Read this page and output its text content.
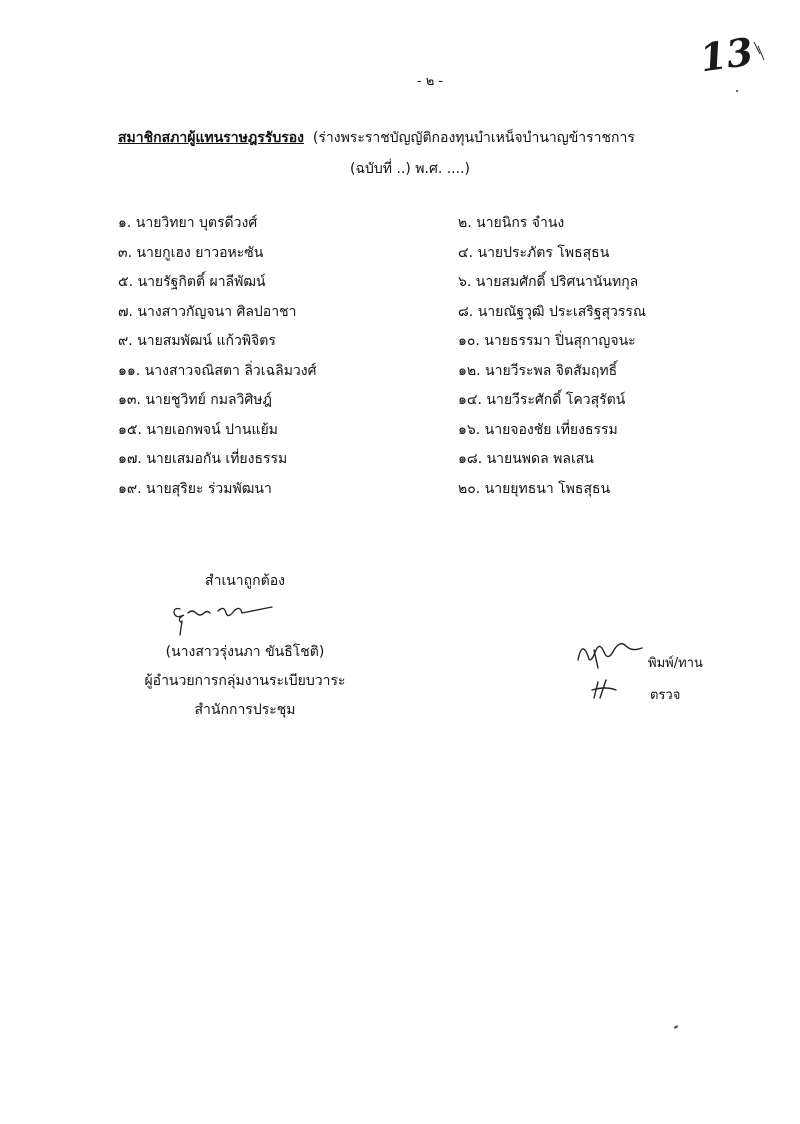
13
- ๒ -
สมาชิกสภาผู้แทนราษฎรรับรอง (ร่างพระราชบัญญัติกองทุนบำเหน็จบำนาญข้าราชการ
(ฉบับที่ ..) พ.ศ. ....)
๑. นายวิทยา บุตรดีวงศ์	๒. นายนิกร จำนง
๓. นายกูเฮง ยาวอหะซัน	๔. นายประภัตร โพธสุธน
๕. นายรัฐกิตติ์ ผาลีพัฒน์	๖. นายสมศักดิ์ ปริศนานันทกุล
๗. นางสาวกัญจนา ศิลปอาชา	๘. นายณัฐวุฒิ ประเสริฐสุวรรณ
๙. นายสมพัฒน์ แก้วพิจิตร	๑๐. นายธรรมา ปิ่นสุกาญจนะ
๑๑. นางสาวจณิสตา ลิ่วเฉลิมวงศ์	๑๒. นายวีระพล จิตสัมฤทธิ์
๑๓. นายชูวิทย์ กมลวิศิษฎ์	๑๔. นายวีระศักดิ์ โควสุรัตน์
๑๕. นายเอกพจน์ ปานแย้ม	๑๖. นายจองชัย เที่ยงธรรม
๑๗. นายเสมอกัน เที่ยงธรรม	๑๘. นายนพดล พลเสน
๑๙. นายสุริยะ ร่วมพัฒนา	๒๐. นายยุทธนา โพธสุธน
สำเนาถูกต้อง
(นางสาวรุ่งนภา ขันธิโชติ)
ผู้อำนวยการกลุ่มงานระเบียบวาระ
สำนักการประชุม
พิมพ์/ทาน
ตรวจ
